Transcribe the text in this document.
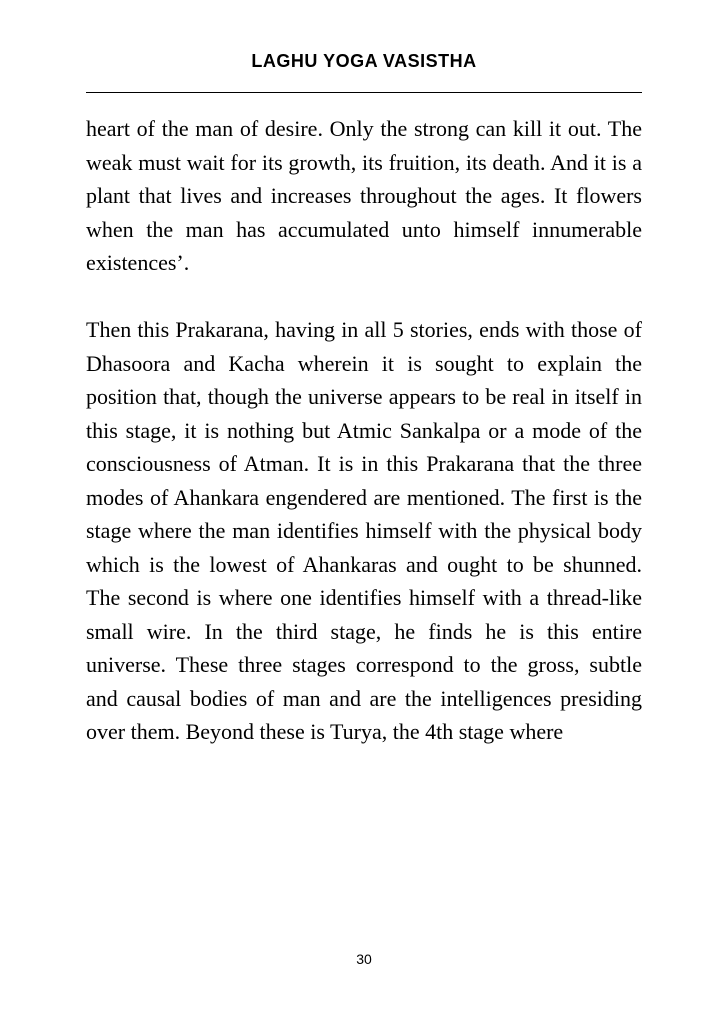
LAGHU YOGA VASISTHA

heart of the man of desire. Only the strong can kill it out. The weak must wait for its growth, its fruition, its death. And it is a plant that lives and increases throughout the ages. It flowers when the man has accumulated unto himself innumerable existences’.

Then this Prakarana, having in all 5 stories, ends with those of Dhasoora and Kacha wherein it is sought to explain the position that, though the universe appears to be real in itself in this stage, it is nothing but Atmic Sankalpa or a mode of the consciousness of Atman. It is in this Prakarana that the three modes of Ahankara engendered are mentioned. The first is the stage where the man identifies himself with the physical body which is the lowest of Ahankaras and ought to be shunned. The second is where one identifies himself with a thread-like small wire. In the third stage, he finds he is this entire universe. These three stages correspond to the gross, subtle and causal bodies of man and are the intelligences presiding over them. Beyond these is Turya, the 4th stage where

30
